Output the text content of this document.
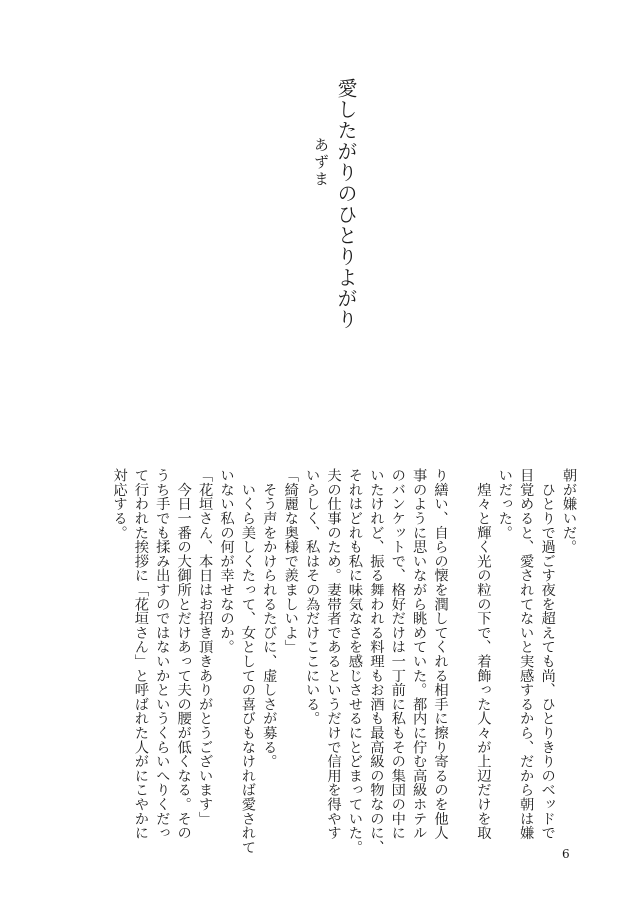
愛したがりのひとりよがり
あずま

朝が嫌いだ。

　ひとりで過ごす夜を超えても尚、ひとりきりのベッドで

目覚めると、愛されてないと実感するから、だから朝は嫌

いだった。

　煌々と輝く光の粒の下で、着飾った人々が上辺だけを取

り繕い、自らの懐を潤してくれる相手に擦り寄るのを他人

事のように思いながら眺めていた。都内に佇む高級ホテル

のバンケットで、格好だけは一丁前に私もその集団の中に

いたけれど、振る舞われる料理もお酒も最高級の物なのに、

それはどれも私に味気なさを感じさせるにとどまっていた。

夫の仕事のため。妻帯者であるというだけで信用を得やす

いらしく、私はその為だけここにいる。

「綺麗な奥様で羨ましいよ」

　そう声をかけられるたびに、虚しさが募る。

　いくら美しくたって、女としての喜びもなければ愛されて

いない私の何が幸せなのか。

「花垣さん、本日はお招き頂きありがとうございます」

　今日一番の大御所とだけあって夫の腰が低くなる。その

うち手でも揉み出すのではないかというくらいへりくだっ

て行われた挨拶に「花垣さん」と呼ばれた人がにこやかに

対応する。

6
